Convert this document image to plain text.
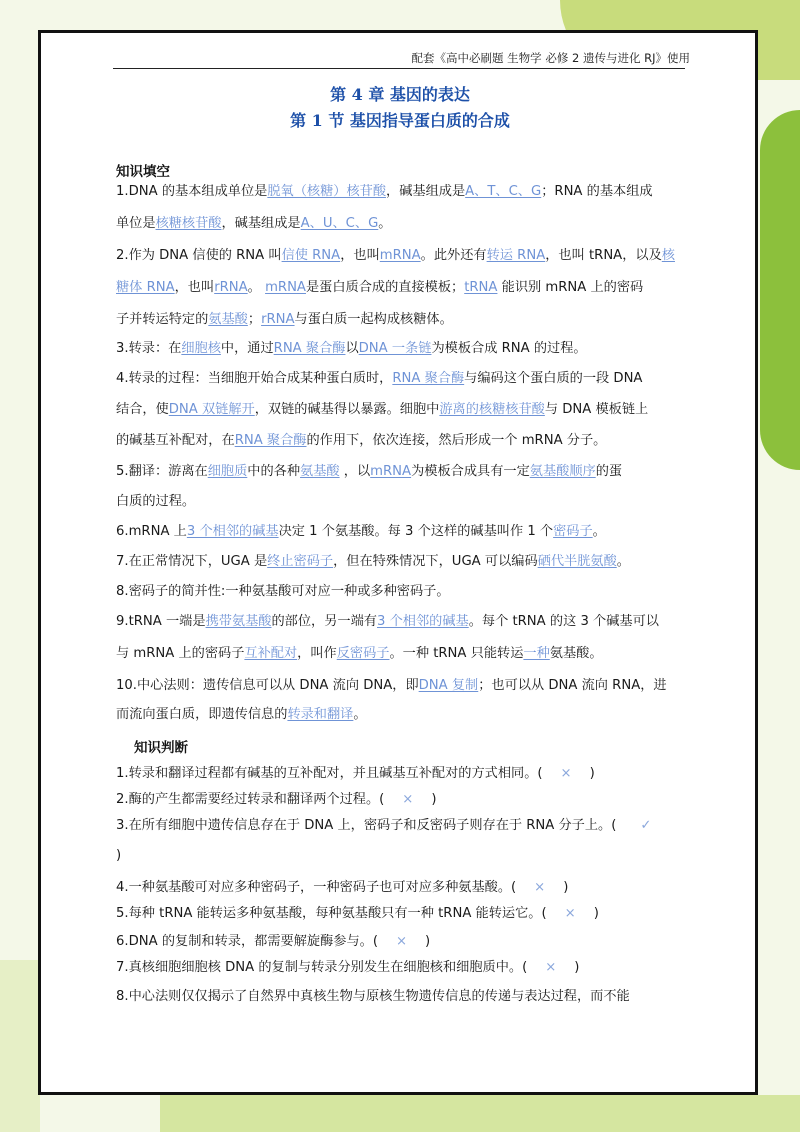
配套《高中必刷题 生物学 必修 2 遗传与进化 RJ》使用
第 4 章 基因的表达
第 1 节 基因指导蛋白质的合成
知识填空
1.DNA 的基本组成单位是脱氧（核糖）核苷酸，碱基组成是A、T、C、G；RNA 的基本组成
单位是核糖核苷酸，碱基组成是A、U、C、G。
2.作为 DNA 信使的 RNA 叫信使 RNA，也叫mRNA。此外还有转运 RNA，也叫 tRNA，以及核
糖体 RNA，也叫rRNA。 mRNA是蛋白质合成的直接模板；tRNA 能识别 mRNA 上的密码
子并转运特定的氨基酸；rRNA与蛋白质一起构成核糖体。
3.转录：在细胞核中，通过RNA 聚合酶以DNA 一条链为模板合成 RNA 的过程。
4.转录的过程：当细胞开始合成某种蛋白质时，RNA 聚合酶与编码这个蛋白质的一段 DNA
结合，使DNA 双链解开，双链的碱基得以暴露。细胞中游离的核糖核苷酸与 DNA 模板链上
的碱基互补配对，在RNA 聚合酶的作用下，依次连接，然后形成一个 mRNA 分子。
5.翻译：游离在细胞质中的各种氨基酸 ，以mRNA为模板合成具有一定氨基酸顺序的蛋
白质的过程。
6.mRNA 上3 个相邻的碱基决定 1 个氨基酸。每 3 个这样的碱基叫作 1 个密码子。
7.在正常情况下，UGA 是终止密码子，但在特殊情况下，UGA 可以编码硒代半胱氨酸。
8.密码子的简并性:一种氨基酸可对应一种或多种密码子。
9.tRNA 一端是携带氨基酸的部位，另一端有3 个相邻的碱基。每个 tRNA 的这 3 个碱基可以
与 mRNA 上的密码子互补配对，叫作反密码子。一种 tRNA 只能转运一种氨基酸。
10.中心法则：遗传信息可以从 DNA 流向 DNA，即DNA 复制；也可以从 DNA 流向 RNA，进
而流向蛋白质，即遗传信息的转录和翻译。
知识判断
1.转录和翻译过程都有碱基的互补配对，并且碱基互补配对的方式相同。( × )
2.酶的产生都需要经过转录和翻译两个过程。( × )
3.在所有细胞中遗传信息存在于 DNA 上，密码子和反密码子则存在于 RNA 分子上。( ✓
)
4.一种氨基酸可对应多种密码子，一种密码子也可对应多种氨基酸。( × )
5.每种 tRNA 能转运多种氨基酸，每种氨基酸只有一种 tRNA 能转运它。( × )
6.DNA 的复制和转录，都需要解旋酶参与。( × )
7.真核细胞细胞核 DNA 的复制与转录分别发生在细胞核和细胞质中。( × )
8.中心法则仅仅揭示了自然界中真核生物与原核生物遗传信息的传递与表达过程，而不能
